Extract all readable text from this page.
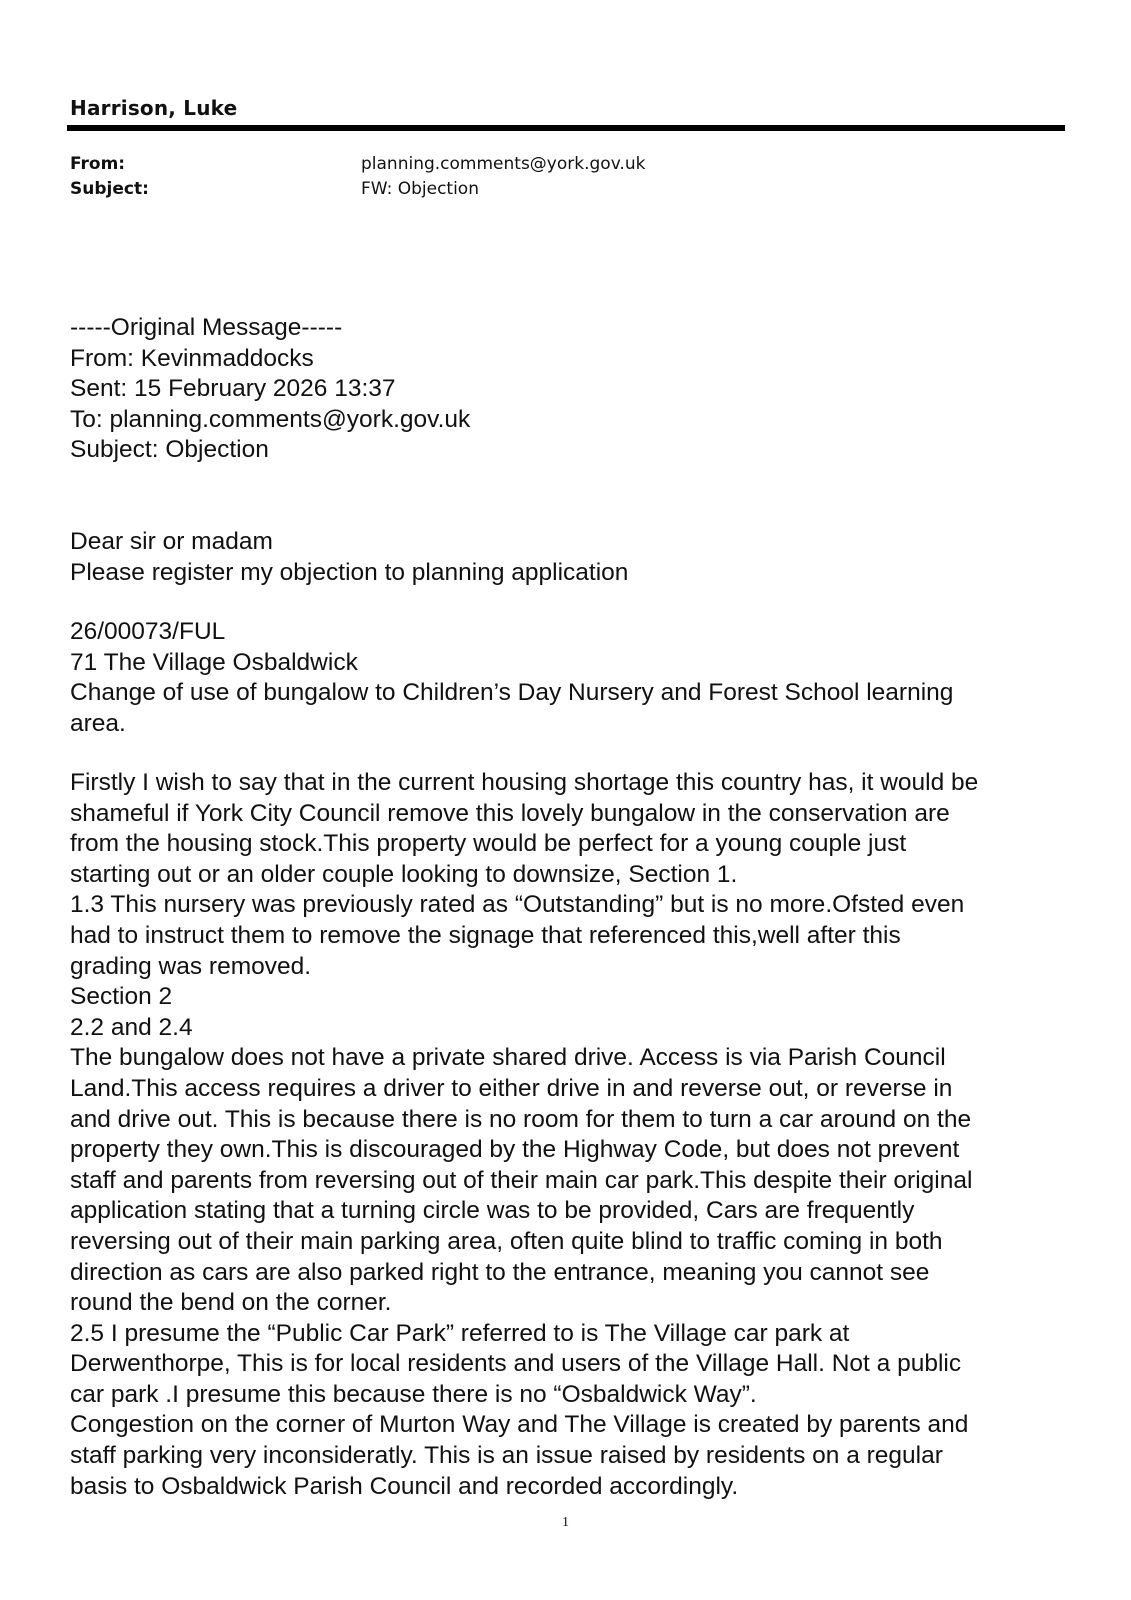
Harrison, Luke
From:	planning.comments@york.gov.uk
Subject:	FW: Objection
-----Original Message-----
From: Kevinmaddocks
Sent: 15 February 2026 13:37
To: planning.comments@york.gov.uk
Subject: Objection
Dear sir or madam
Please register my objection to planning application
26/00073/FUL
71 The Village Osbaldwick
Change of use of bungalow to Children’s Day Nursery and Forest School learning
area.
Firstly I wish to say that in the current housing shortage this country has, it would be
shameful if York City Council remove this lovely bungalow in the conservation are
from the housing stock.This property would be perfect for a young couple just
starting out or an older couple looking to downsize, Section 1.
1.3 This nursery was previously rated as “Outstanding” but is no more.Ofsted even
had to instruct them to remove the signage that referenced this,well after this
grading was removed.
Section 2
2.2 and 2.4
The bungalow does not have a private shared drive. Access is via Parish Council
Land.This access requires a driver to either drive in and reverse out, or reverse in
and drive out. This is because there is no room for them to turn a car around on the
property they own.This is discouraged by the Highway Code, but does not prevent
staff and parents from reversing out of their main car park.This despite their original
application stating that a turning circle was to be provided, Cars are frequently
reversing out of their main parking area, often quite blind to traffic coming in both
direction as cars are also parked right to the entrance, meaning you cannot see
round the bend on the corner.
2.5 I presume the “Public Car Park” referred to is The Village car park at
Derwenthorpe, This is for local residents and users of the Village Hall. Not a public
car park .I presume this because there is no “Osbaldwick Way”.
Congestion on the corner of Murton Way and The Village is created by parents and
staff parking very inconsideratly. This is an issue raised by residents on a regular
basis to Osbaldwick Parish Council and recorded accordingly.
1
